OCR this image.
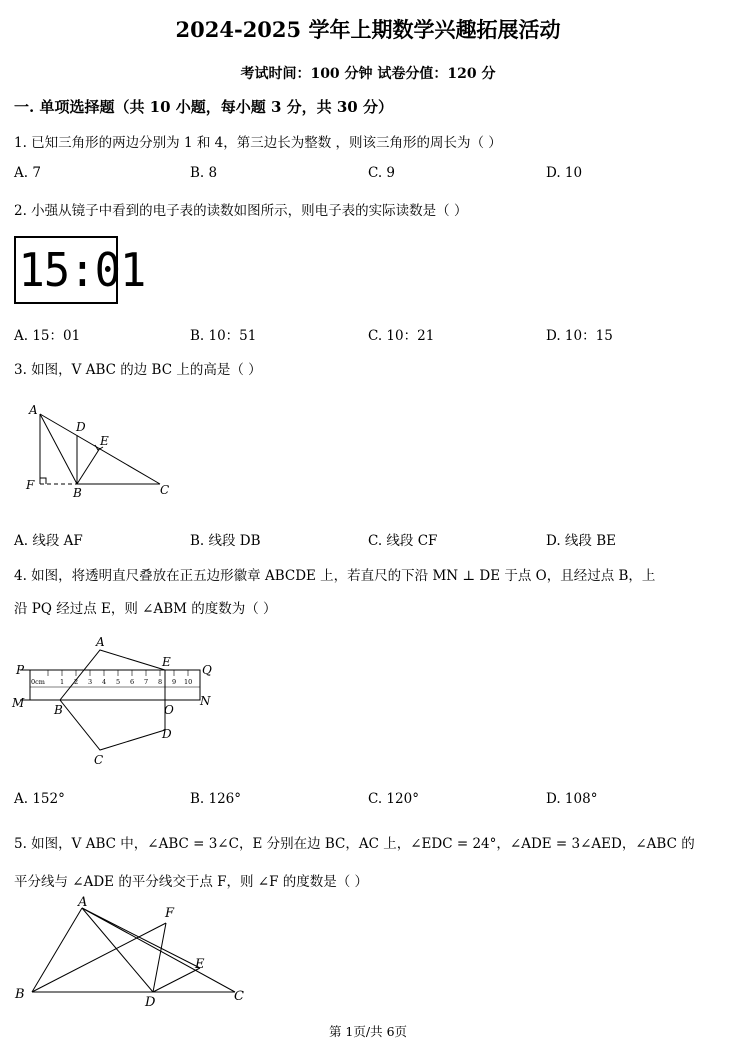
2024-2025 学年上期数学兴趣拓展活动
考试时间：100 分钟 试卷分值：120 分
一. 单项选择题（共 10 小题，每小题 3 分，共 30 分）
1. 已知三角形的两边分别为 1 和 4，第三边长为整数 ，则该三角形的周长为（ ）
A. 7	B. 8	C. 9	D. 10
2. 小强从镜子中看到的电子表的读数如图所示，则电子表的实际读数是（ ）
15:01
A. 15：01	B. 10：51	C. 10：21	D. 10：15
3. 如图，V ABC 的边 BC 上的高是（ ）
A
D
E
F
B	C
A. 线段 AF	B. 线段 DB	C. 线段 CF	D. 线段 BE
4. 如图，将透明直尺叠放在正五边形徽章 ABCDE 上，若直尺的下沿 MN ⊥ DE 于点 O，且经过点 B，上
沿 PQ 经过点 E，则 ∠ABM 的度数为（ ）
0cm 1 2 3 4 5 6 7 8 9 10
P	Q
M	N
A
E
B	O
D
C
A. 152°	B. 126°	C. 120°	D. 108°
5. 如图，V ABC 中，∠ABC = 3∠C，E 分别在边 BC，AC 上，∠EDC = 24°，∠ADE = 3∠AED，∠ABC 的
平分线与 ∠ADE 的平分线交于点 F，则 ∠F 的度数是（ ）
A
F
E
B
D	C
第 1页/共 6页
